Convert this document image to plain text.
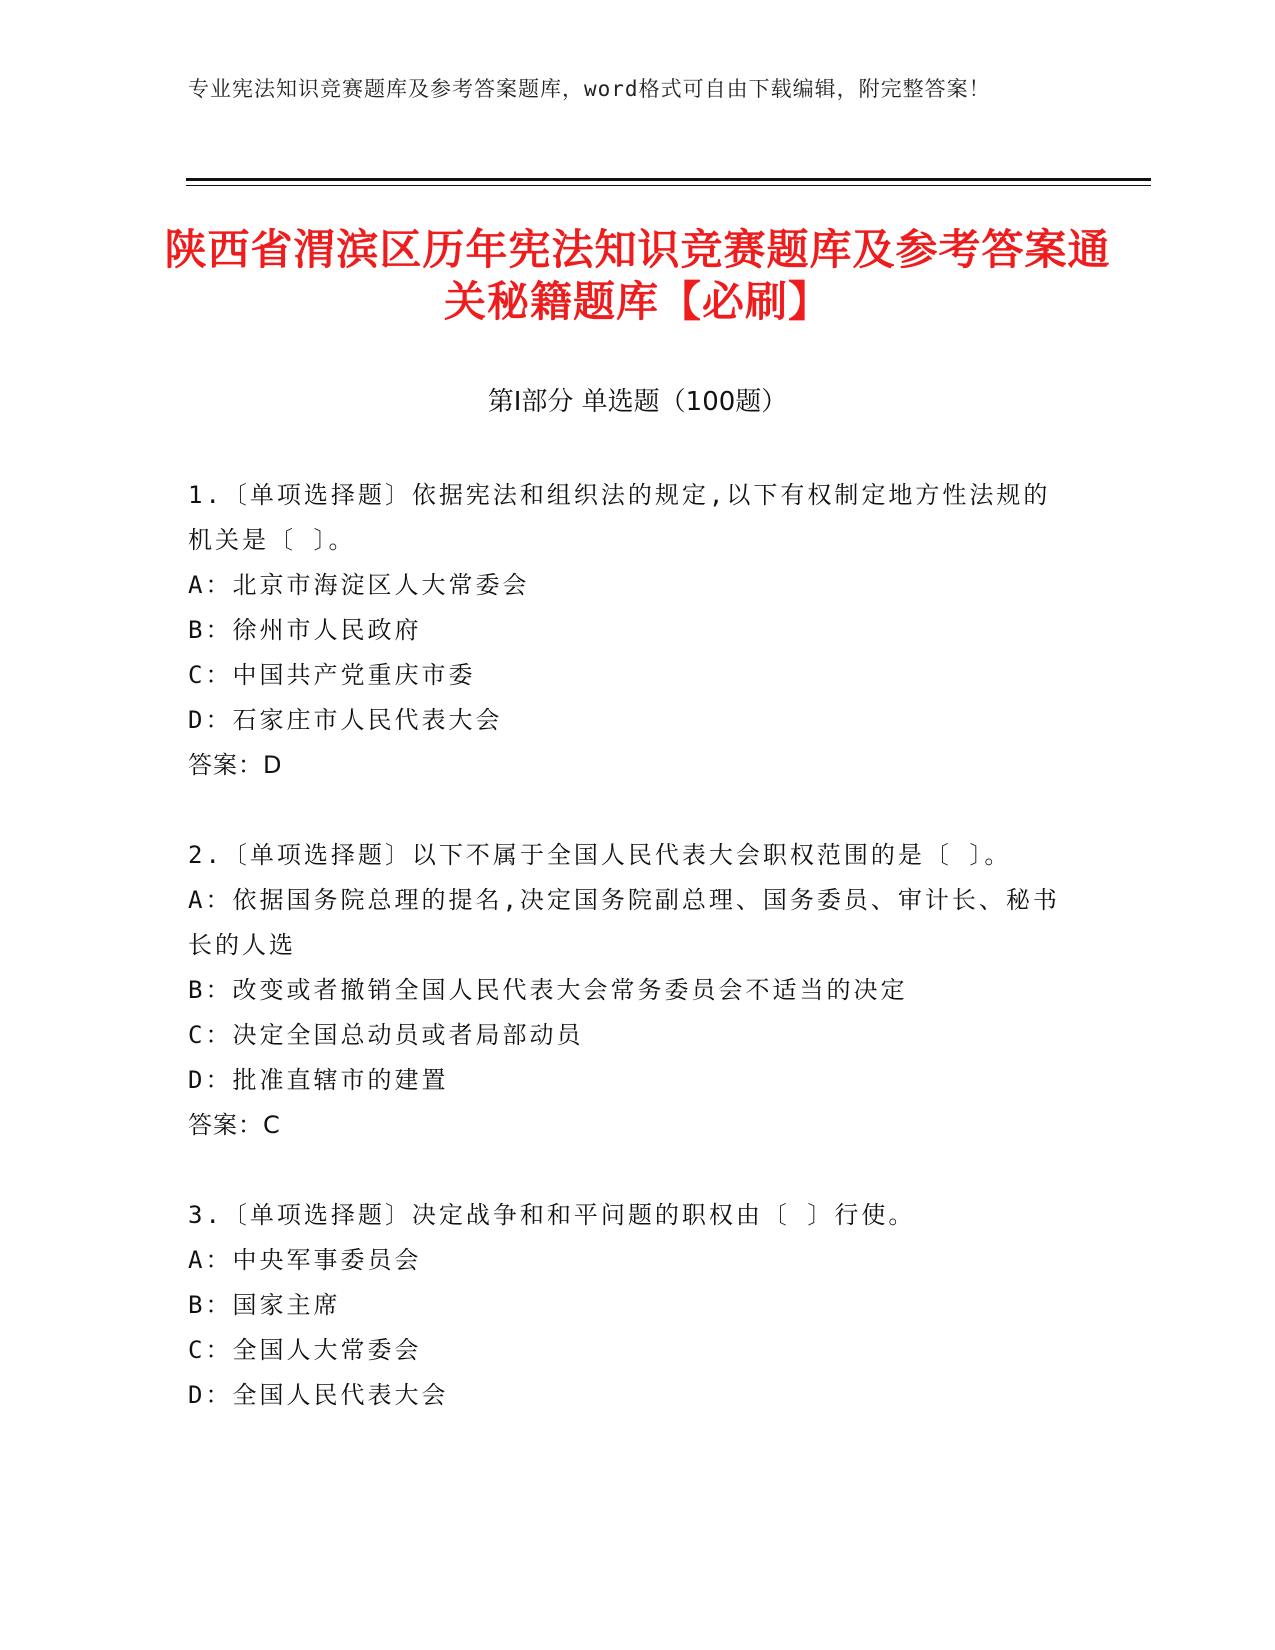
专业宪法知识竞赛题库及参考答案题库，word格式可自由下载编辑，附完整答案！
陕西省渭滨区历年宪法知识竞赛题库及参考答案通关秘籍题库【必刷】
第Ⅰ部分 单选题（100题）

1.〔单项选择题〕依据宪法和组织法的规定,以下有权制定地方性法规的机关是〔 〕。

A：北京市海淀区人大常委会

B：徐州市人民政府

C：中国共产党重庆市委

D：石家庄市人民代表大会

答案：D

2.〔单项选择题〕以下不属于全国人民代表大会职权范围的是〔 〕。

A：依据国务院总理的提名,决定国务院副总理、国务委员、审计长、秘书长的人选

B：改变或者撤销全国人民代表大会常务委员会不适当的决定

C：决定全国总动员或者局部动员

D：批准直辖市的建置

答案：C

3.〔单项选择题〕决定战争和和平问题的职权由〔 〕行使。

A：中央军事委员会

B：国家主席

C：全国人大常委会

D：全国人民代表大会
